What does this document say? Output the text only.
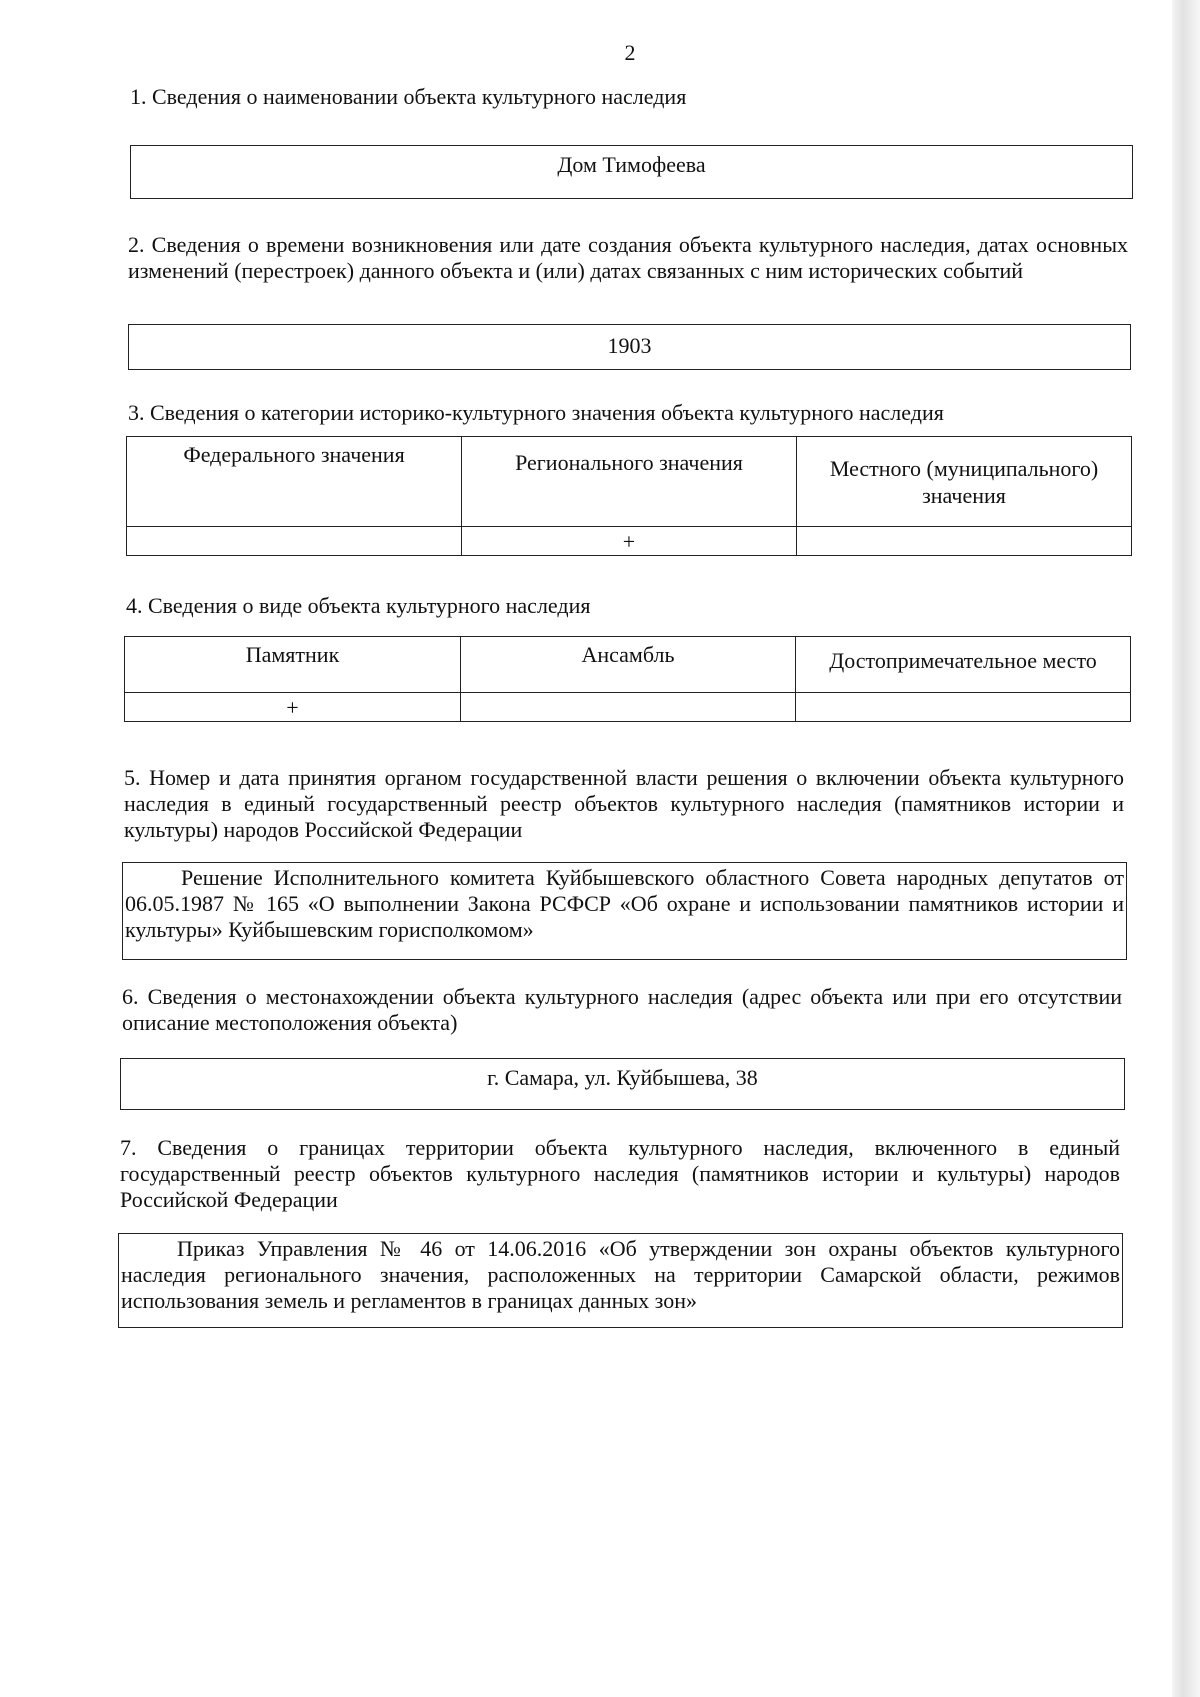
2
1. Сведения о наименовании объекта культурного наследия
Дом Тимофеева
2. Сведения о времени возникновения или дате создания объекта культурного наследия, датах основных изменений (перестроек) данного объекта и (или) датах связанных с ним исторических событий
1903
3. Сведения о категории историко-культурного значения объекта культурного наследия
Федерального значения	Регионального значения	Местного (муниципального) значения
	+	
4. Сведения о виде объекта культурного наследия
Памятник	Ансамбль	Достопримечательное место
+		
5. Номер и дата принятия органом государственной власти решения о включении объекта культурного наследия в единый государственный реестр объектов культурного наследия (памятников истории и культуры) народов Российской Федерации
Решение Исполнительного комитета Куйбышевского областного Совета народных депутатов от 06.05.1987 № 165 «О выполнении Закона РСФСР «Об охране и использовании памятников истории и культуры» Куйбышевским горисполкомом»
6. Сведения о местонахождении объекта культурного наследия (адрес объекта или при его отсутствии описание местоположения объекта)
г. Самара, ул. Куйбышева, 38
7. Сведения о границах территории объекта культурного наследия, включенного в единый государственный реестр объектов культурного наследия (памятников истории и культуры) народов Российской Федерации
Приказ Управления № 46 от 14.06.2016 «Об утверждении зон охраны объектов культурного наследия регионального значения, расположенных на территории Самарской области, режимов использования земель и регламентов в границах данных зон»
